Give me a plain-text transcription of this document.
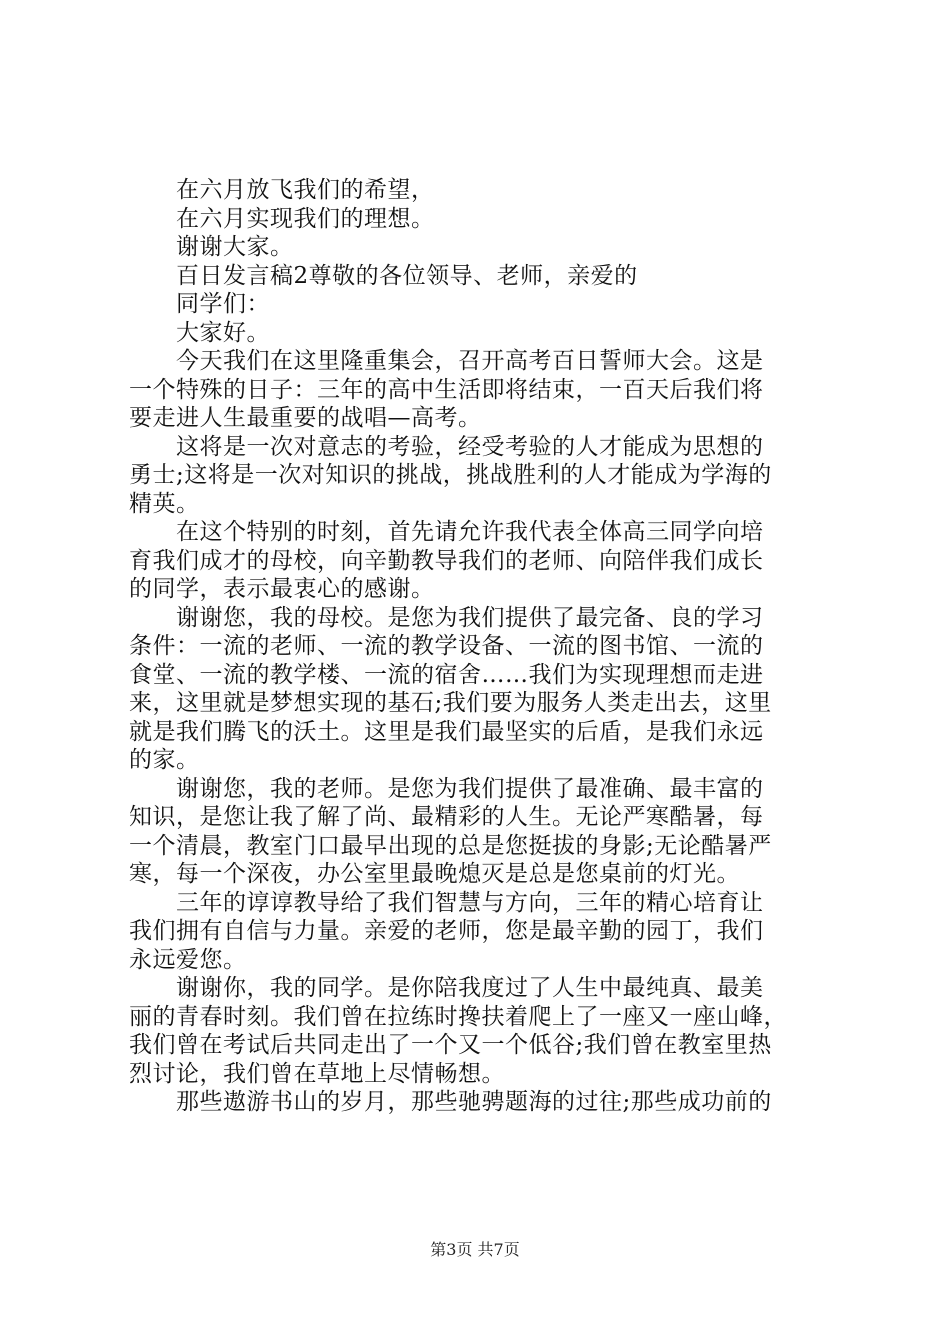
　　在六月放飞我们的希望，
　　在六月实现我们的理想。
　　谢谢大家。
　　百日发言稿2尊敬的各位领导、老师，亲爱的
　　同学们：
　　大家好。
　　今天我们在这里隆重集会，召开高考百日誓师大会。这是
一个特殊的日子：三年的高中生活即将结束，一百天后我们将
要走进人生最重要的战唱—高考。
　　这将是一次对意志的考验，经受考验的人才能成为思想的
勇士;这将是一次对知识的挑战，挑战胜利的人才能成为学海的
精英。
　　在这个特别的时刻，首先请允许我代表全体高三同学向培
育我们成才的母校，向辛勤教导我们的老师、向陪伴我们成长
的同学，表示最衷心的感谢。
　　谢谢您，我的母校。是您为我们提供了最完备、良的学习
条件：一流的老师、一流的教学设备、一流的图书馆、一流的
食堂、一流的教学楼、一流的宿舍……我们为实现理想而走进
来，这里就是梦想实现的基石;我们要为服务人类走出去，这里
就是我们腾飞的沃土。这里是我们最坚实的后盾，是我们永远
的家。
　　谢谢您，我的老师。是您为我们提供了最准确、最丰富的
知识，是您让我了解了尚、最精彩的人生。无论严寒酷暑，每
一个清晨，教室门口最早出现的总是您挺拔的身影;无论酷暑严
寒，每一个深夜，办公室里最晚熄灭是总是您桌前的灯光。
　　三年的谆谆教导给了我们智慧与方向，三年的精心培育让
我们拥有自信与力量。亲爱的老师，您是最辛勤的园丁，我们
永远爱您。
　　谢谢你，我的同学。是你陪我度过了人生中最纯真、最美
丽的青春时刻。我们曾在拉练时搀扶着爬上了一座又一座山峰，
我们曾在考试后共同走出了一个又一个低谷;我们曾在教室里热
烈讨论，我们曾在草地上尽情畅想。
　　那些遨游书山的岁月，那些驰骋题海的过往;那些成功前的
第3页 共7页
